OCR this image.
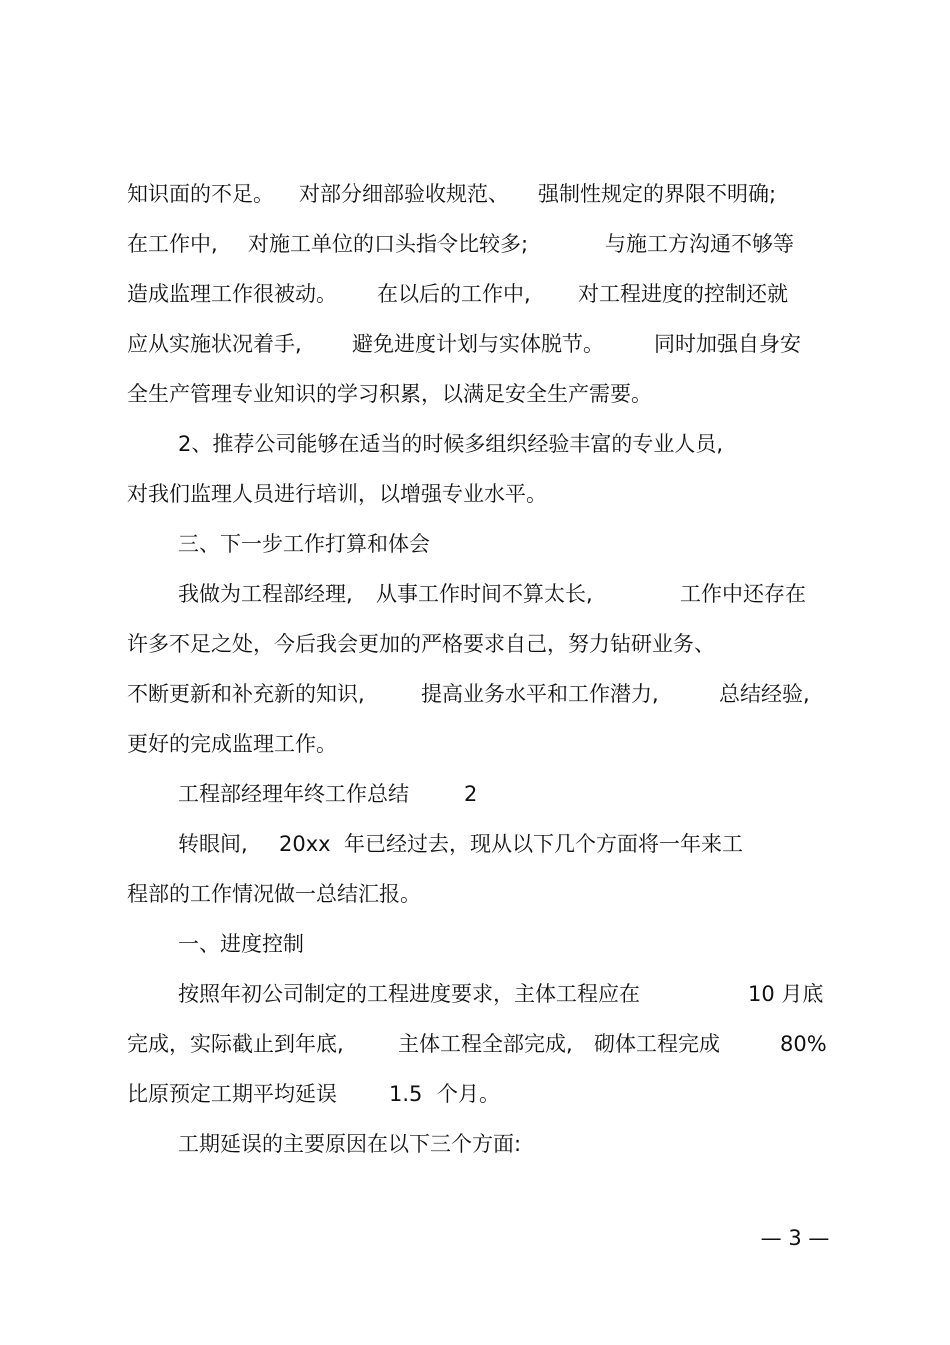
知识面的不足。 对部分细部验收规范、 强制性规定的界限不明确;
在工作中, 对施工单位的口头指令比较多;	与施工方沟通不够等
造成监理工作很被动。 在以后的工作中, 对工程进度的控制还就
应从实施状况着手, 避免进度计划与实体脱节。 同时加强自身安
全生产管理专业知识的学习积累，以满足安全生产需要。
2、推荐公司能够在适当的时候多组织经验丰富的专业人员,
对我们监理人员进行培训，以增强专业水平。
三、下一步工作打算和体会
我做为工程部经理, 从事工作时间不算太长,	工作中还存在
许多不足之处，今后我会更加的严格要求自己，努力钻研业务、
不断更新和补充新的知识,	提高业务水平和工作潜力,	总结经验,
更好的完成监理工作。
工程部经理年终工作总结	2
转眼间, 20xx 年已经过去，现从以下几个方面将一年来工
程部的工作情况做一总结汇报。
一、进度控制
按照年初公司制定的工程进度要求，主体工程应在	10 月底
完成，实际截止到年底,	主体工程全部完成, 砌体工程完成	80%
比原预定工期平均延误 1.5 个月。
工期延误的主要原因在以下三个方面:
— 3 —
